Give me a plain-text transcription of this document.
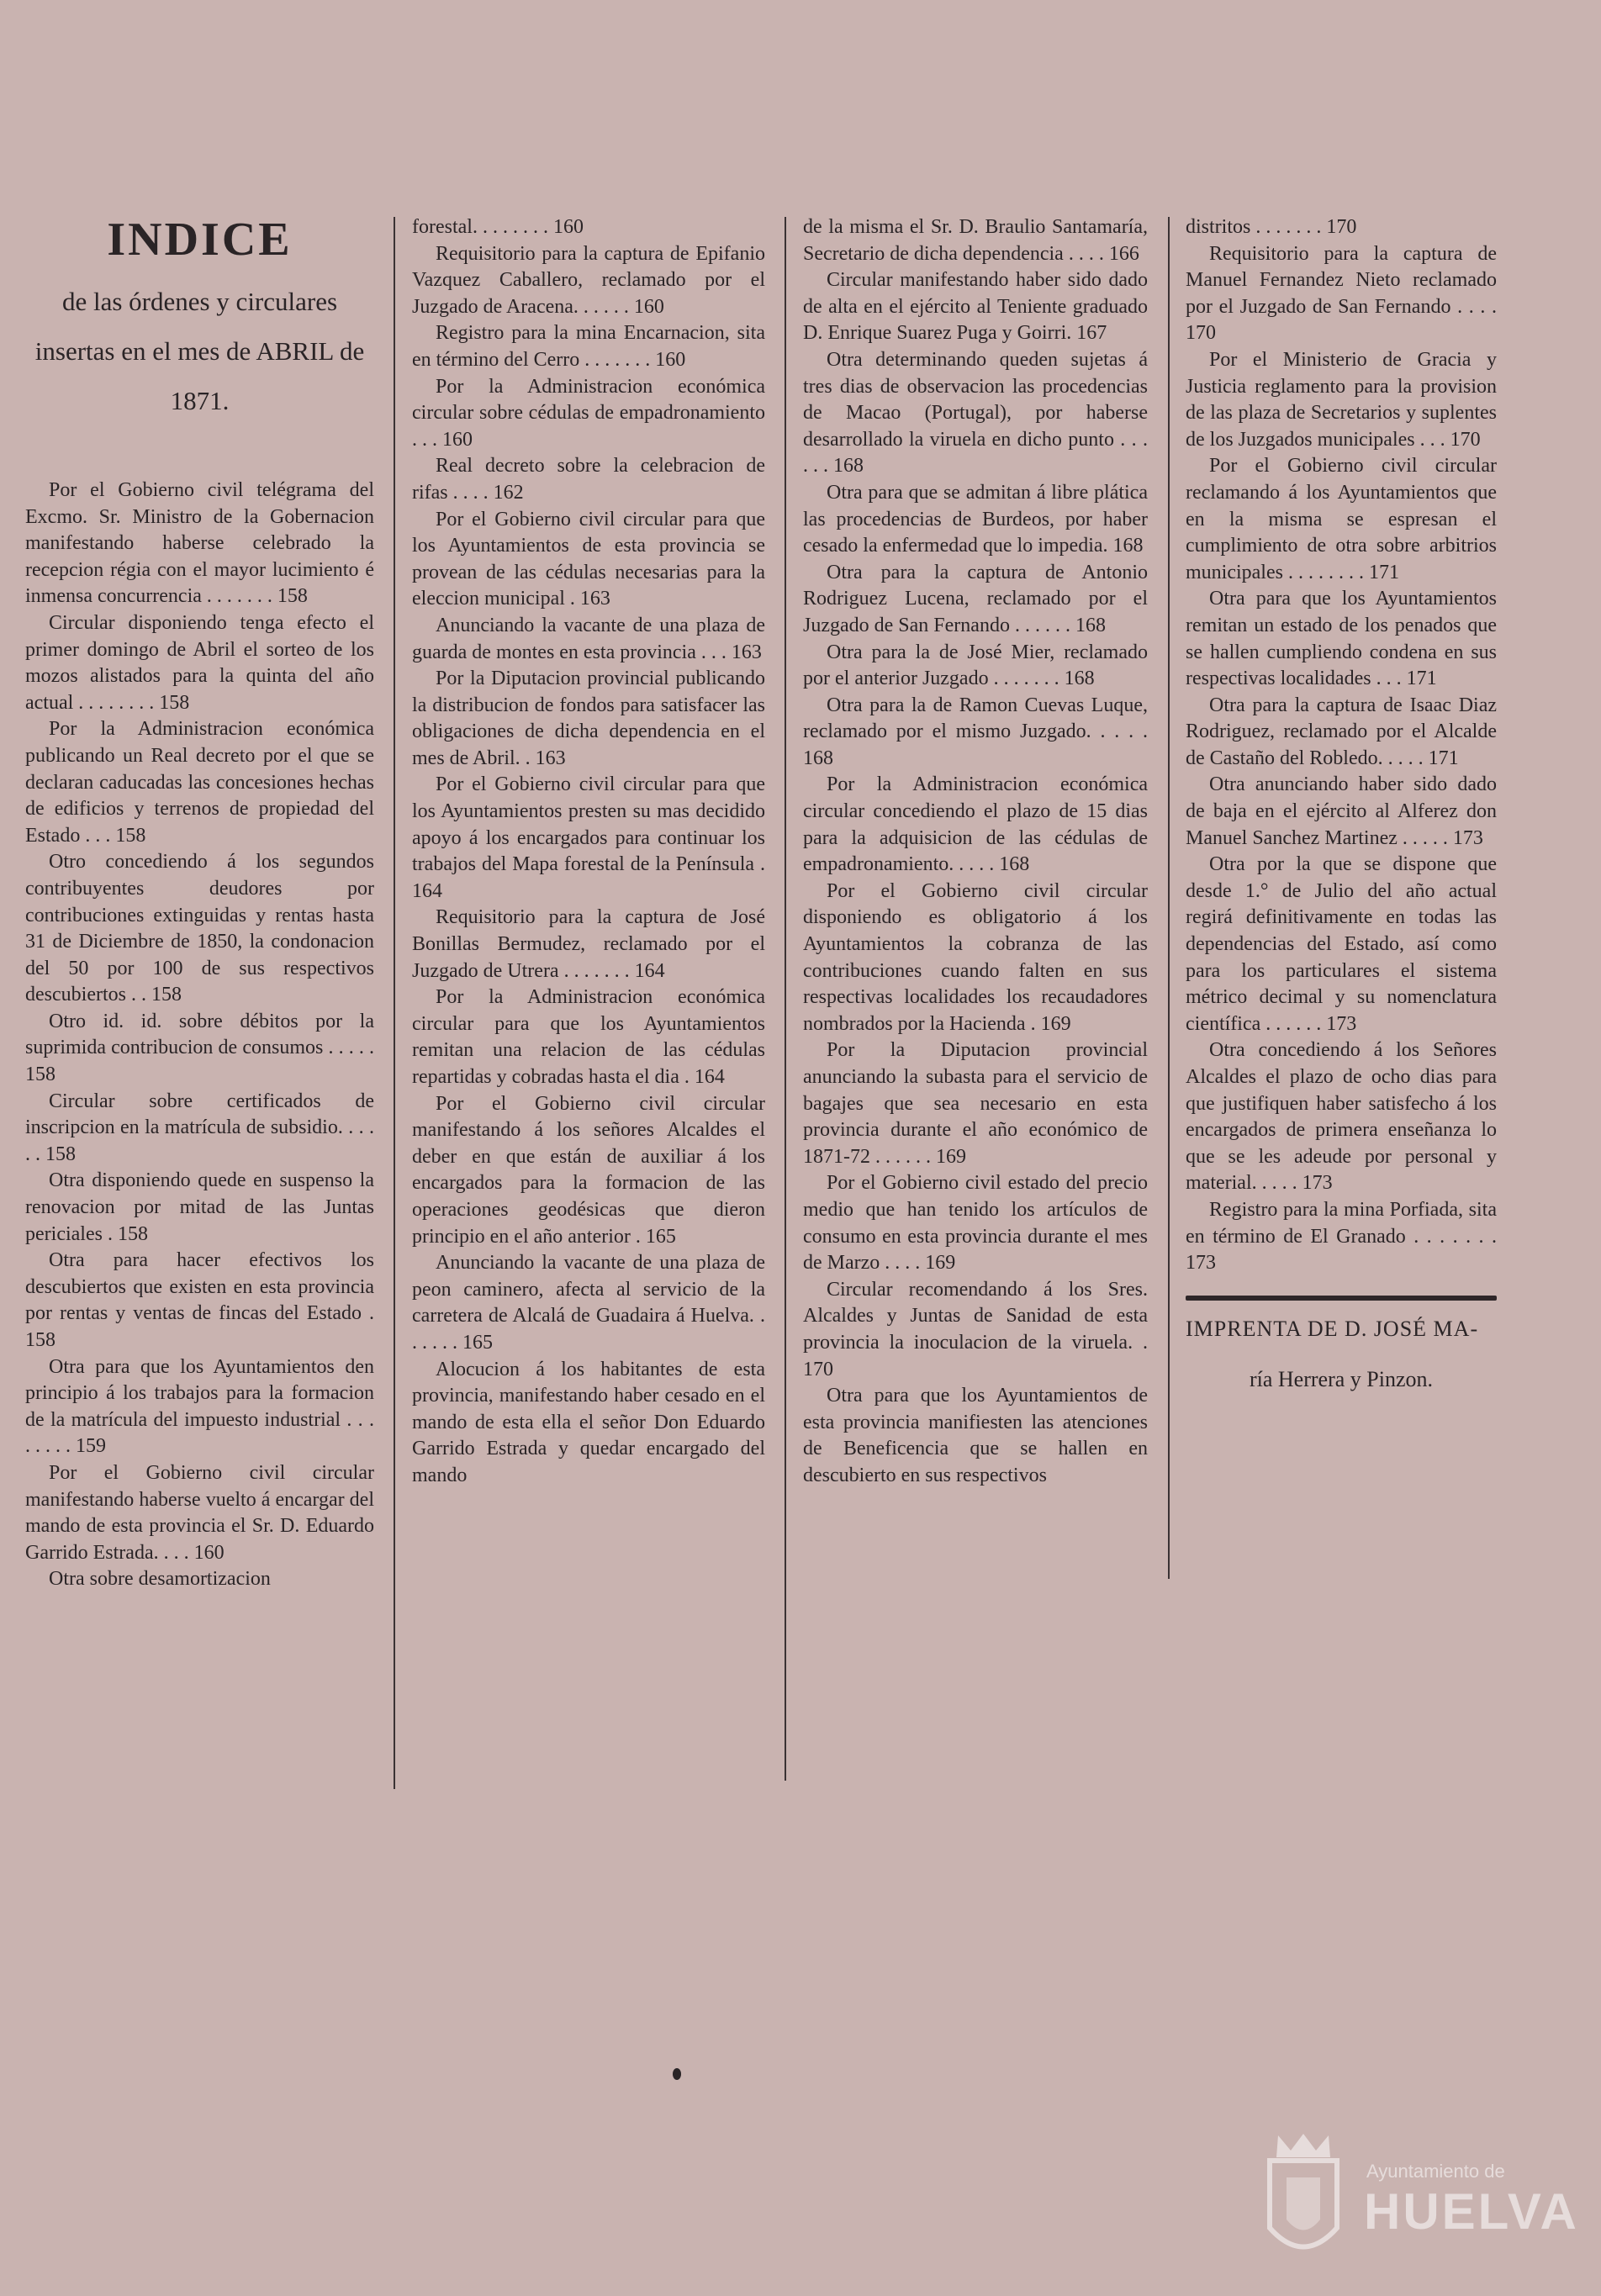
INDICE
de las órdenes y circulares insertas en el mes de ABRIL de 1871.
Por el Gobierno civil telégrama del Excmo. Sr. Ministro de la Gobernacion manifestando haberse celebrado la recepcion régia con el mayor lucimiento é inmensa concurrencia . . . . . . . 158
Circular disponiendo tenga efecto el primer domingo de Abril el sorteo de los mozos alistados para la quinta del año actual . . . . . . . . 158
Por la Administracion económica publicando un Real decreto por el que se declaran caducadas las concesiones hechas de edificios y terrenos de propiedad del Estado . . . 158
Otro concediendo á los segundos contribuyentes deudores por contribuciones extinguidas y rentas hasta 31 de Diciembre de 1850, la condonacion del 50 por 100 de sus respectivos descubiertos . . 158
Otro id. id. sobre débitos por la suprimida contribucion de consumos . . . . . 158
Circular sobre certificados de inscripcion en la matrícula de subsidio. . . . . . 158
Otra disponiendo quede en suspenso la renovacion por mitad de las Juntas periciales . 158
Otra para hacer efectivos los descubiertos que existen en esta provincia por rentas y ventas de fincas del Estado . 158
Otra para que los Ayuntamientos den principio á los trabajos para la formacion de la matrícula del impuesto industrial . . . . . . . . 159
Por el Gobierno civil circular manifestando haberse vuelto á encargar del mando de esta provincia el Sr. D. Eduardo Garrido Estrada. . . . 160
Otra sobre desamortizacion
forestal. . . . . . . . 160
Requisitorio para la captura de Epifanio Vazquez Caballero, reclamado por el Juzgado de Aracena. . . . . . 160
Registro para la mina Encarnacion, sita en término del Cerro . . . . . . . 160
Por la Administracion económica circular sobre cédulas de empadronamiento . . . 160
Real decreto sobre la celebracion de rifas . . . . 162
Por el Gobierno civil circular para que los Ayuntamientos de esta provincia se provean de las cédulas necesarias para la eleccion municipal . 163
Anunciando la vacante de una plaza de guarda de montes en esta provincia . . . 163
Por la Diputacion provincial publicando la distribucion de fondos para satisfacer las obligaciones de dicha dependencia en el mes de Abril. . 163
Por el Gobierno civil circular para que los Ayuntamientos presten su mas decidido apoyo á los encargados para continuar los trabajos del Mapa forestal de la Península . 164
Requisitorio para la captura de José Bonillas Bermudez, reclamado por el Juzgado de Utrera . . . . . . . 164
Por la Administracion económica circular para que los Ayuntamientos remitan una relacion de las cédulas repartidas y cobradas hasta el dia . 164
Por el Gobierno civil circular manifestando á los señores Alcaldes el deber en que están de auxiliar á los encargados para la formacion de las operaciones geodésicas que dieron principio en el año anterior . 165
Anunciando la vacante de una plaza de peon caminero, afecta al servicio de la carretera de Alcalá de Guadaira á Huelva. . . . . . . 165
Alocucion á los habitantes de esta provincia, manifestando haber cesado en el mando de esta ella el señor Don Eduardo Garrido Estrada y quedar encargado del mando
de la misma el Sr. D. Braulio Santamaría, Secretario de dicha dependencia . . . . 166
Circular manifestando haber sido dado de alta en el ejército al Teniente graduado D. Enrique Suarez Puga y Goirri. 167
Otra determinando queden sujetas á tres dias de observacion las procedencias de Macao (Portugal), por haberse desarrollado la viruela en dicho punto . . . . . . 168
Otra para que se admitan á libre plática las procedencias de Burdeos, por haber cesado la enfermedad que lo impedia. 168
Otra para la captura de Antonio Rodriguez Lucena, reclamado por el Juzgado de San Fernando . . . . . . 168
Otra para la de José Mier, reclamado por el anterior Juzgado . . . . . . . 168
Otra para la de Ramon Cuevas Luque, reclamado por el mismo Juzgado. . . . . 168
Por la Administracion económica circular concediendo el plazo de 15 dias para la adquisicion de las cédulas de empadronamiento. . . . . 168
Por el Gobierno civil circular disponiendo es obligatorio á los Ayuntamientos la cobranza de las contribuciones cuando falten en sus respectivas localidades los recaudadores nombrados por la Hacienda . 169
Por la Diputacion provincial anunciando la subasta para el servicio de bagajes que sea necesario en esta provincia durante el año económico de 1871-72 . . . . . . 169
Por el Gobierno civil estado del precio medio que han tenido los artículos de consumo en esta provincia durante el mes de Marzo . . . . 169
Circular recomendando á los Sres. Alcaldes y Juntas de Sanidad de esta provincia la inoculacion de la viruela. . 170
Otra para que los Ayuntamientos de esta provincia manifiesten las atenciones de Beneficencia que se hallen en descubierto en sus respectivos
distritos . . . . . . . 170
Requisitorio para la captura de Manuel Fernandez Nieto reclamado por el Juzgado de San Fernando . . . . 170
Por el Ministerio de Gracia y Justicia reglamento para la provision de las plaza de Secretarios y suplentes de los Juzgados municipales . . . 170
Por el Gobierno civil circular reclamando á los Ayuntamientos que en la misma se espresan el cumplimiento de otra sobre arbitrios municipales . . . . . . . . 171
Otra para que los Ayuntamientos remitan un estado de los penados que se hallen cumpliendo condena en sus respectivas localidades . . . 171
Otra para la captura de Isaac Diaz Rodriguez, reclamado por el Alcalde de Castaño del Robledo. . . . . 171
Otra anunciando haber sido dado de baja en el ejército al Alferez don Manuel Sanchez Martinez . . . . . 173
Otra por la que se dispone que desde 1.° de Julio del año actual regirá definitivamente en todas las dependencias del Estado, así como para los particulares el sistema métrico decimal y su nomenclatura científica . . . . . . 173
Otra concediendo á los Señores Alcaldes el plazo de ocho dias para que justifiquen haber satisfecho á los encargados de primera enseñanza lo que se les adeude por personal y material. . . . . 173
Registro para la mina Porfiada, sita en término de El Granado . . . . . . . 173

IMPRENTA DE D. JOSÉ MA-

ría Herrera y Pinzon.

Ayuntamiento de
HUELVA
